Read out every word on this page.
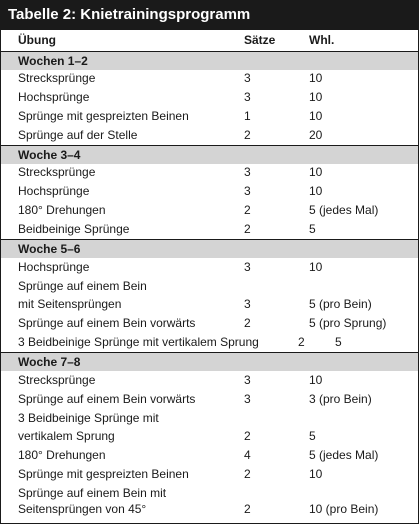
Tabelle 2: Knietrainingsprogramm
Übung	Sätze	Whl.
Wochen 1–2
Strecksprünge	3	10
Hochsprünge	3	10
Sprünge mit gespreizten Beinen	1	10
Sprünge auf der Stelle	2	20
Woche 3–4
Strecksprünge	3	10
Hochsprünge	3	10
180° Drehungen	2	5 (jedes Mal)
Beidbeinige Sprünge	2	5
Woche 5–6
Hochsprünge	3	10
Sprünge auf einem Bein
mit Seitensprüngen	3	5 (pro Bein)
Sprünge auf einem Bein vorwärts	2	5 (pro Sprung)
3 Beidbeinige Sprünge mit vertikalem Sprung	2	5
Woche 7–8
Strecksprünge	3	10
Sprünge auf einem Bein vorwärts	3	3 (pro Bein)
3 Beidbeinige Sprünge mit
vertikalem Sprung	2	5
180° Drehungen	4	5 (jedes Mal)
Sprünge mit gespreizten Beinen	2	10
Sprünge auf einem Bein mit
Seitensprüngen von 45°	2	10 (pro Bein)
